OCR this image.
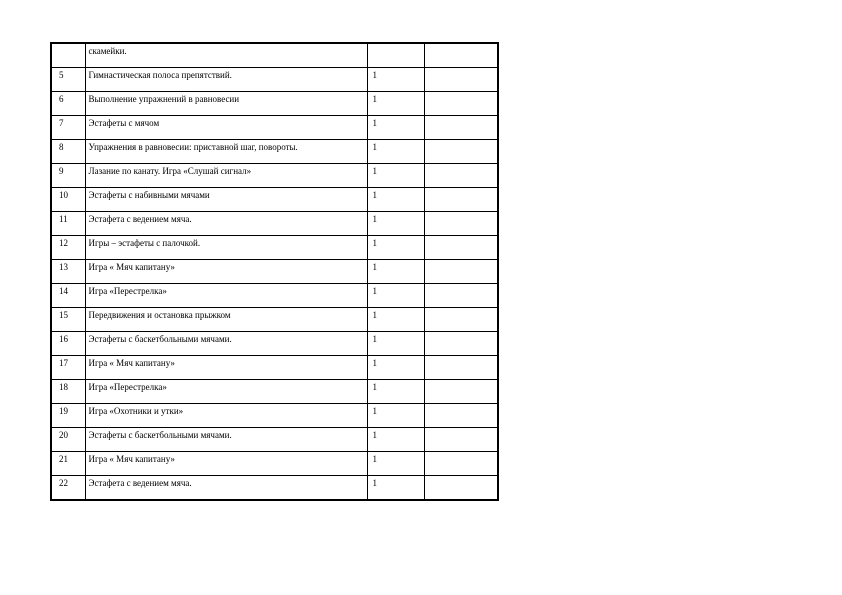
	скамейки.		
5	Гимнастическая полоса препятствий.	1	
6	Выполнение упражнений в равновесии	1	
7	Эстафеты с мячом	1	
8	Упражнения в равновесии: приставной шаг, повороты.	1	
9	Лазание по канату. Игра «Слушай сигнал»	1	
10	Эстафеты с набивными мячами	1	
11	Эстафета с ведением мяча.	1	
12	Игры – эстафеты с палочкой.	1	
13	Игра « Мяч капитану»	1	
14	Игра «Перестрелка»	1	
15	Передвижения и остановка прыжком	1	
16	Эстафеты с баскетбольными мячами.	1	
17	Игра « Мяч капитану»	1	
18	Игра «Перестрелка»	1	
19	Игра «Охотники и утки»	1	
20	Эстафеты с баскетбольными мячами.	1	
21	Игра « Мяч капитану»	1	
22	Эстафета с ведением мяча.	1	
